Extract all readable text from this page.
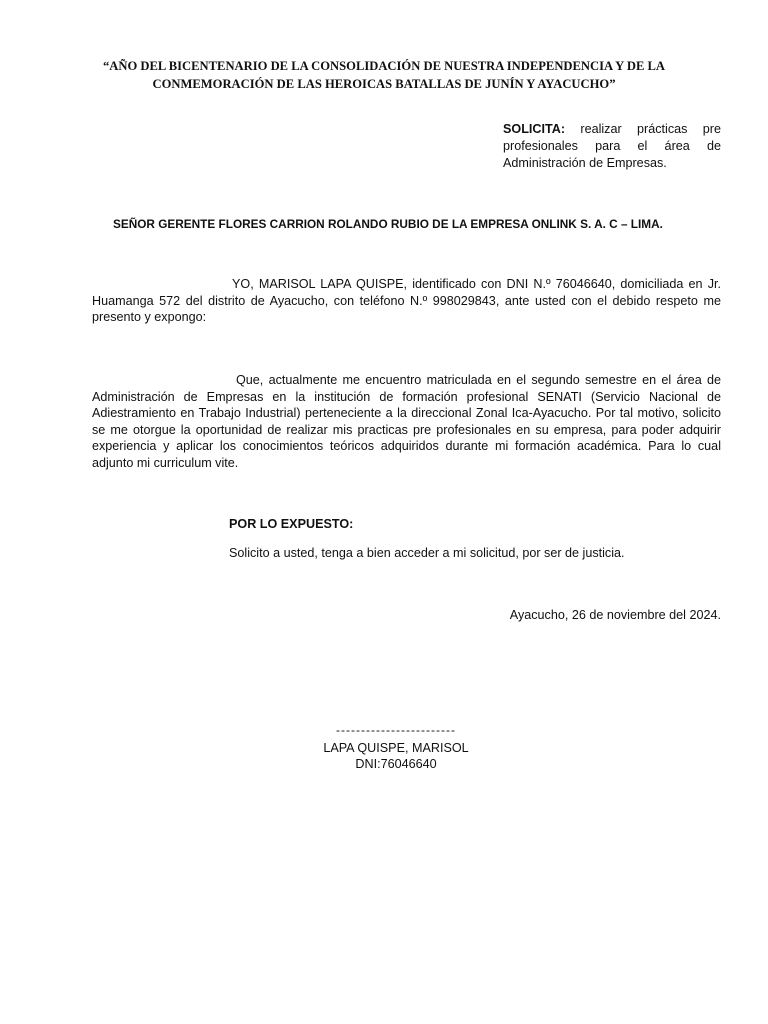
“AÑO DEL BICENTENARIO DE LA CONSOLIDACIÓN DE NUESTRA INDEPENDENCIA Y DE LA
CONMEMORACIÓN DE LAS HEROICAS BATALLAS DE JUNÍN Y AYACUCHO”
SOLICITA: realizar prácticas pre profesionales para el área de Administración de Empresas.
SEÑOR GERENTE FLORES CARRION ROLANDO RUBIO DE LA EMPRESA ONLINK S. A. C – LIMA.
YO, MARISOL LAPA QUISPE, identificado con DNI N.º 76046640, domiciliada en Jr. Huamanga 572 del distrito de Ayacucho, con teléfono N.º 998029843, ante usted con el debido respeto me presento y expongo:
Que, actualmente me encuentro matriculada en el segundo semestre en el área de Administración de Empresas en la institución de formación profesional SENATI (Servicio Nacional de Adiestramiento en Trabajo Industrial) perteneciente a la direccional Zonal Ica-Ayacucho. Por tal motivo, solicito se me otorgue la oportunidad de realizar mis practicas pre profesionales en su empresa, para poder adquirir experiencia y aplicar los conocimientos teóricos adquiridos durante mi formación académica. Para lo cual adjunto mi curriculum vite.
POR LO EXPUESTO:
Solicito a usted, tenga a bien acceder a mi solicitud, por ser de justicia.
Ayacucho, 26 de noviembre del 2024.
------------------------
LAPA QUISPE, MARISOL
DNI:76046640
